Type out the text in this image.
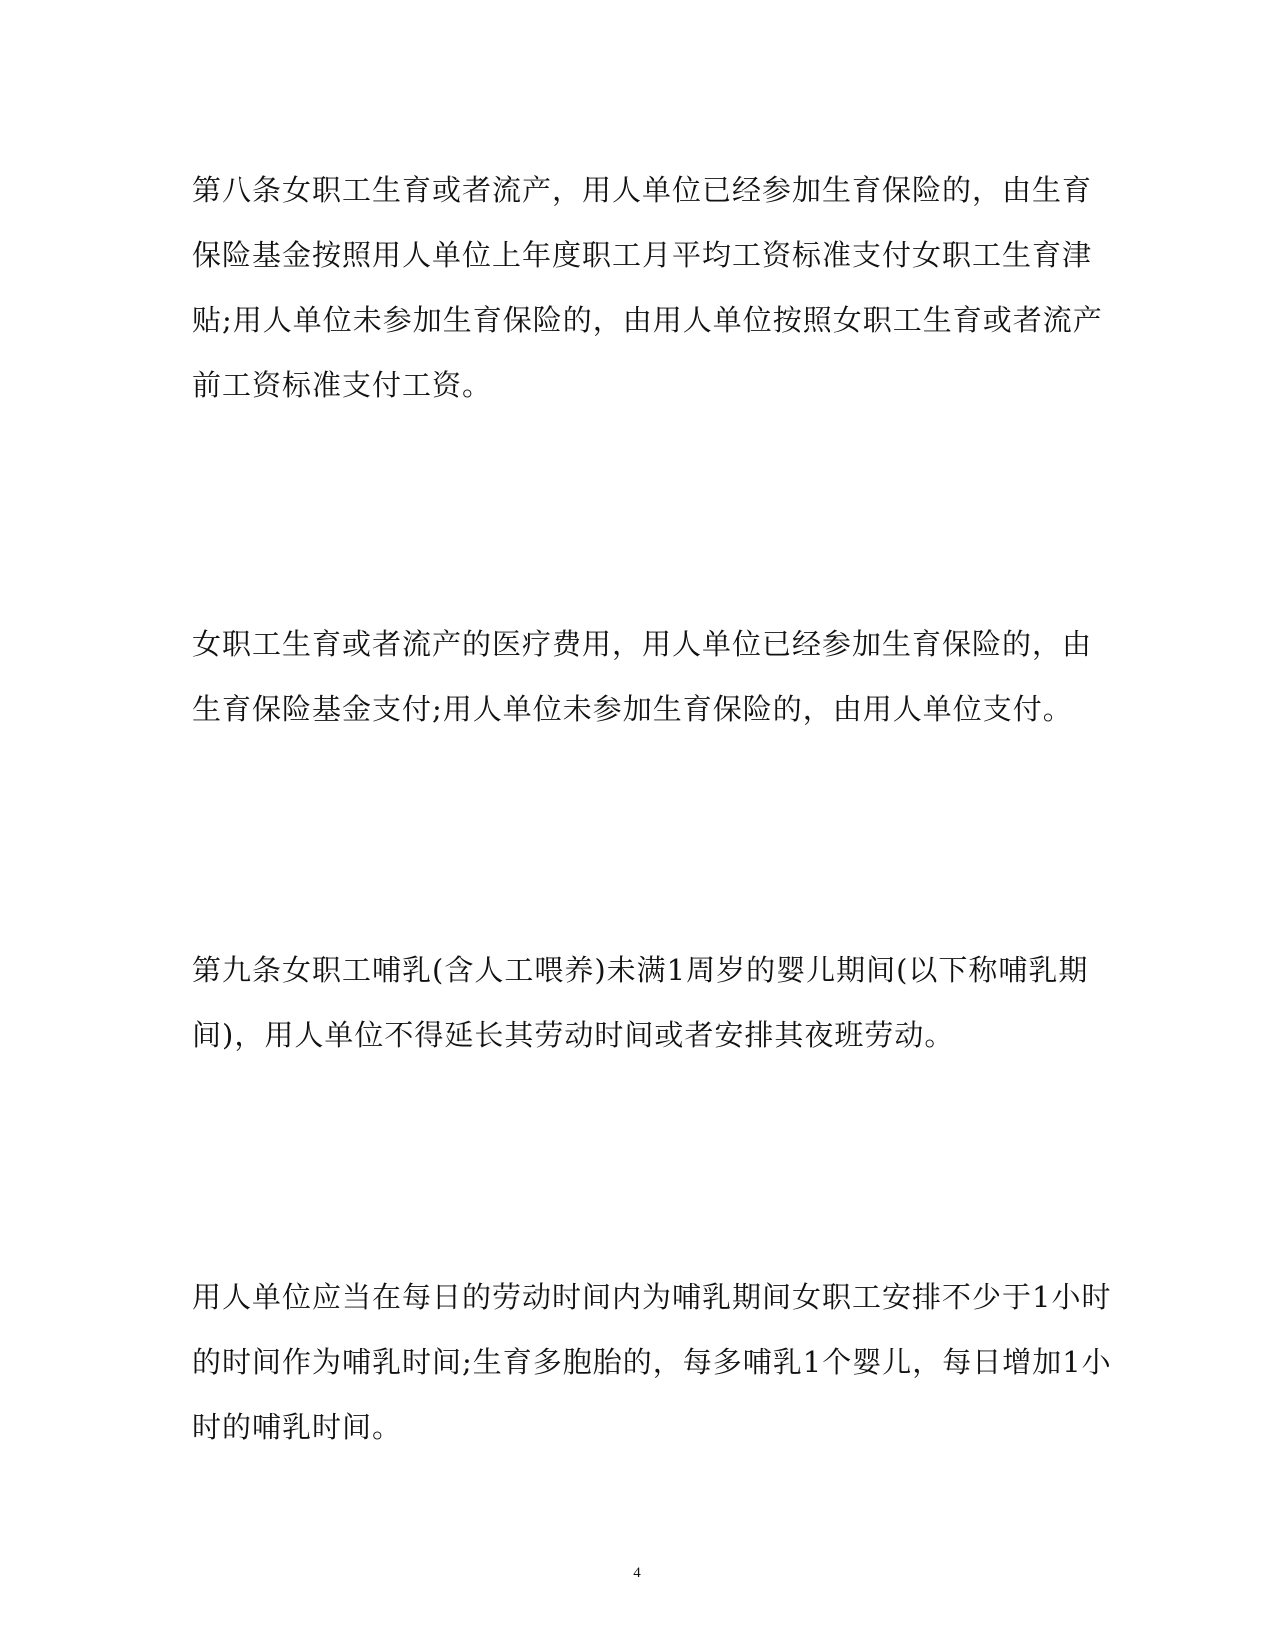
第八条女职工生育或者流产，用人单位已经参加生育保险的，由生育
保险基金按照用人单位上年度职工月平均工资标准支付女职工生育津
贴;用人单位未参加生育保险的，由用人单位按照女职工生育或者流产
前工资标准支付工资。
女职工生育或者流产的医疗费用，用人单位已经参加生育保险的，由
生育保险基金支付;用人单位未参加生育保险的，由用人单位支付。
第九条女职工哺乳(含人工喂养)未满1周岁的婴儿期间(以下称哺乳期
间)，用人单位不得延长其劳动时间或者安排其夜班劳动。
用人单位应当在每日的劳动时间内为哺乳期间女职工安排不少于1小时
的时间作为哺乳时间;生育多胞胎的，每多哺乳1个婴儿，每日增加1小
时的哺乳时间。
4
